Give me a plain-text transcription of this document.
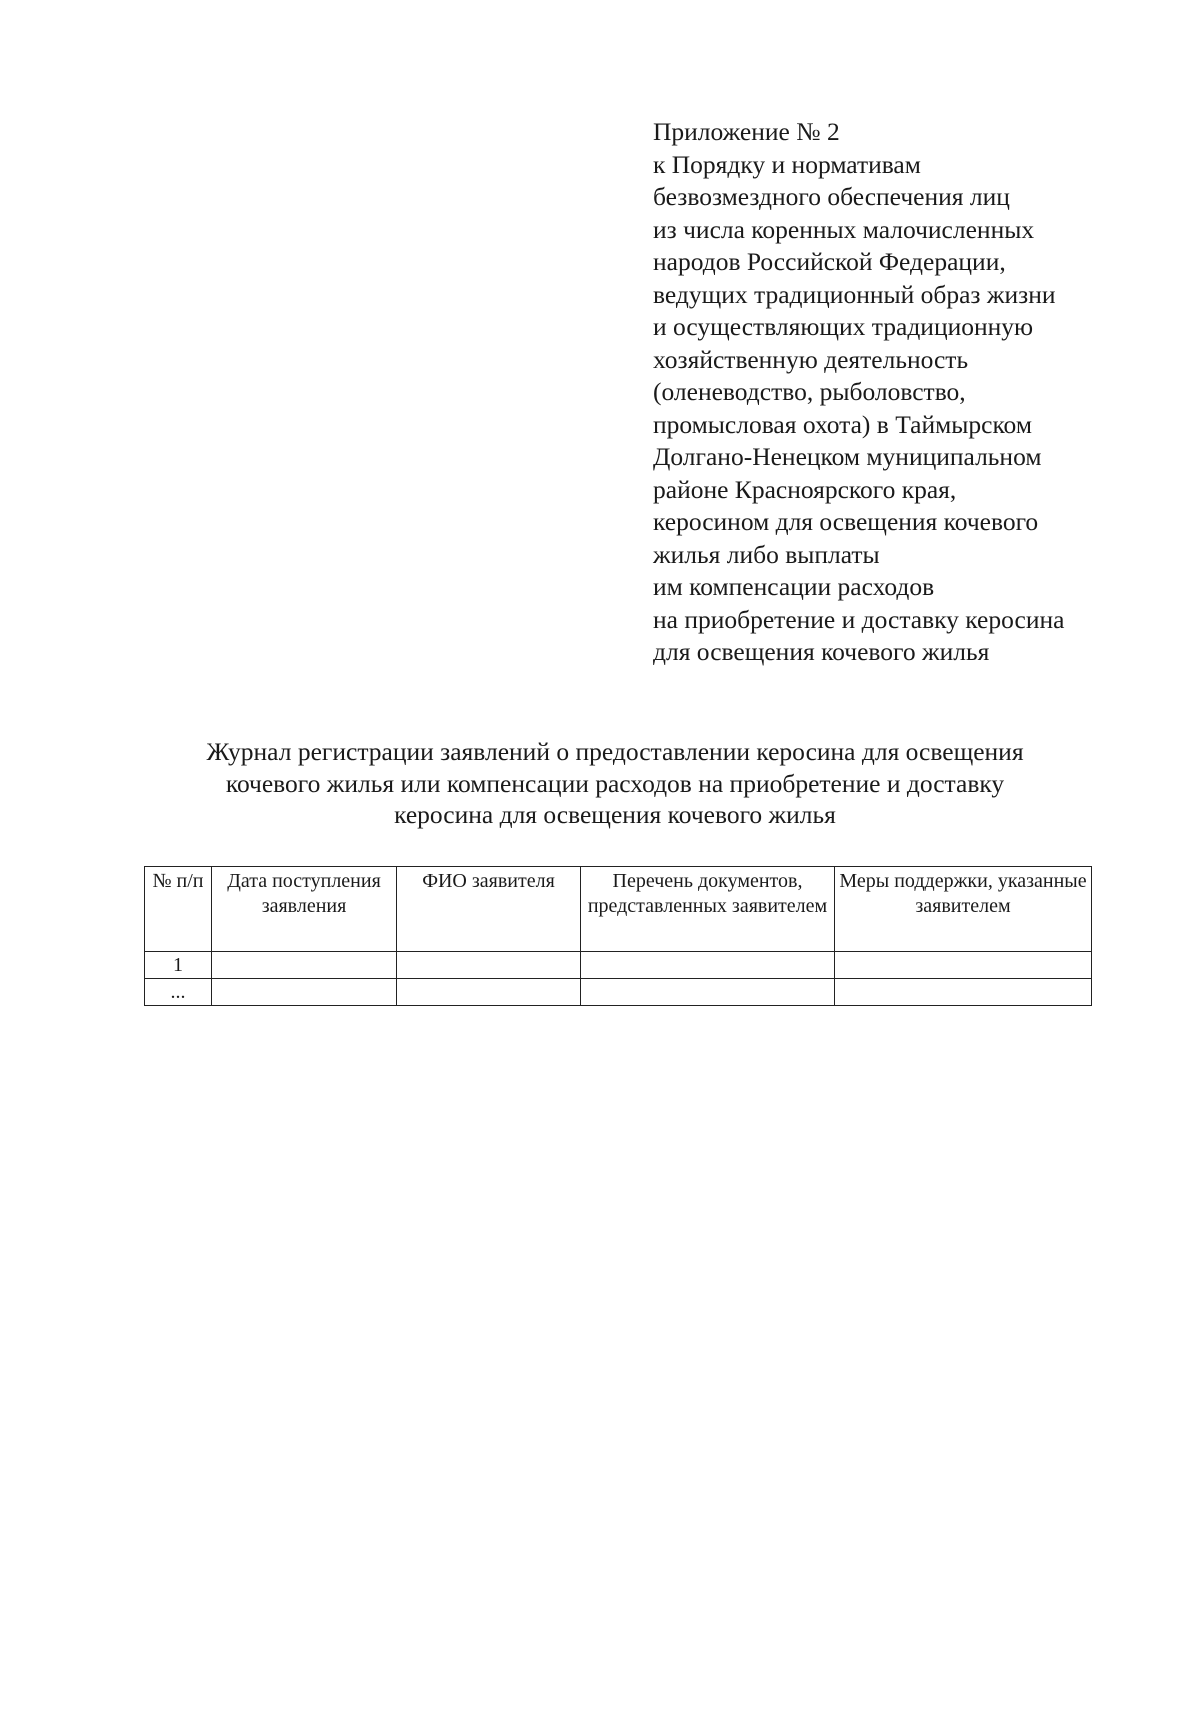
Приложение № 2
к Порядку и нормативам
безвозмездного обеспечения лиц
из числа коренных малочисленных
народов Российской Федерации,
ведущих традиционный образ жизни
и осуществляющих традиционную
хозяйственную деятельность
(оленеводство, рыболовство,
промысловая охота) в Таймырском
Долгано-Ненецком муниципальном
районе Красноярского края,
керосином для освещения кочевого
жилья либо выплаты
им компенсации расходов
на приобретение и доставку керосина
для освещения кочевого жилья
Журнал регистрации заявлений о предоставлении керосина для освещения
кочевого жилья или компенсации расходов на приобретение и доставку
керосина для освещения кочевого жилья
№ п/п	Дата поступления заявления	ФИО заявителя	Перечень документов, представленных заявителем	Меры поддержки, указанные заявителем
1				
...				
